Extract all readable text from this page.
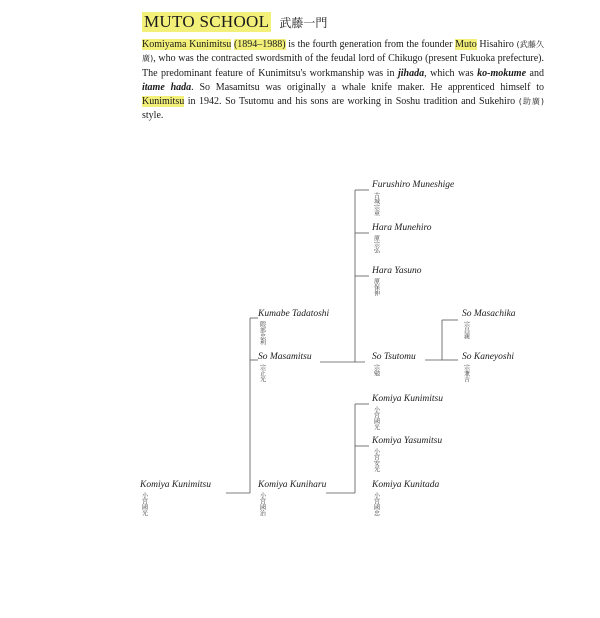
MUTO SCHOOL 武藤一門
Komiyama Kunimitsu (1894–1988) is the fourth generation from the founder Muto Hisahiro (武藤久廣), who was the contracted swordsmith of the feudal lord of Chikugo (present Fukuoka prefecture). The predominant feature of Kunimitsu's workmanship was in jihada, which was ko-mokume and itame hada. So Masamitsu was originally a whale knife maker. He apprenticed himself to Kunimitsu in 1942. So Tsutomu and his sons are working in Soshu tradition and Sukehiro (助廣) style.
Komiya Kunimitsu
小宮國光
Kumabe Tadatoshi
隈部忠利
So Masamitsu
宗正光
Komiya Kuniharu
小宮國治
Furushiro Muneshige
古城宗重
Hara Munehiro
原宗弘
Hara Yasuno
原保伸
So Tsutomu
宗勉
Komiya Kunimitsu
小宮國光
Komiya Yasumitsu
小宮安光
Komiya Kunitada
小宮國忠
So Masachika
宗昌親
So Kaneyoshi
宗兼吉
